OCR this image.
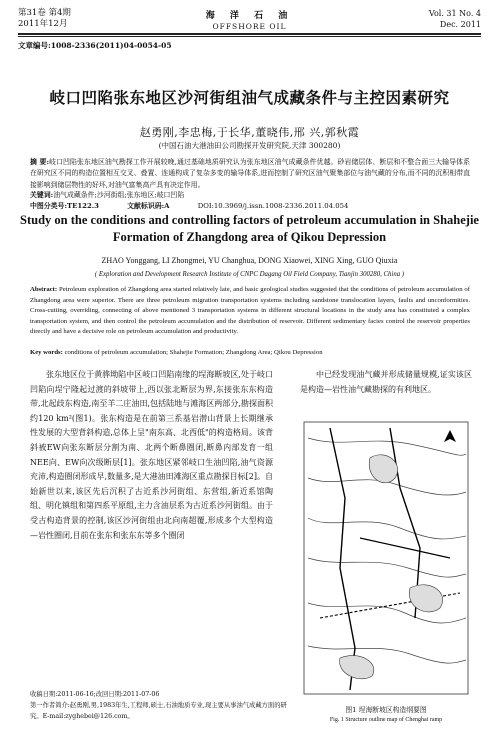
第31卷 第4期
2011年12月
海 洋 石 油
OFFSHORE OIL
Vol. 31 No. 4
Dec. 2011
文章编号:1008-2336(2011)04-0054-05
岐口凹陷张东地区沙河街组油气成藏条件与主控因素研究
赵勇刚,李忠梅,于长华,董晓伟,邢 兴,郭秋霞
(中国石油大港油田公司勘探开发研究院,天津 300280)
摘 要:岐口凹陷张东地区油气勘探工作开展较晚,通过基础地质研究认为张东地区油气成藏条件优越。砂岩储层体、断层和不整合面三大输导体系在研究区不同的构造位置相互交叉、叠置、连通构成了复杂多变的输导体系,进而控制了研究区油气聚集部位与油气藏的分布,而不同的沉积相带直接影响到储层物性的好坏,对油气富集高产具有决定作用。
关键词:油气成藏条件;沙河街组;张东地区;岐口凹陷
中图分类号:TE122.3	文献标识码:A	DOI:10.3969/j.issn.1008-2336.2011.04.054
Study on the conditions and controlling factors of petroleum accumulation in Shahejie Formation of Zhangdong area of Qikou Depression
ZHAO Yonggang, LI Zhongmei, YU Changhua, DONG Xiaowei, XING Xing, GUO Qiuxia
( Exploration and Development Research Institute of CNPC Dagang Oil Field Company, Tianjin 300280, China )
Abstract: Petroleum exploration of Zhangdong area started relatively late, and basic geological studies suggested that the conditions of petroleum accumulation of Zhangdong area were superior. There are three petroleum migration transportation systems including sandstone translocation layers, faults and unconformities. Cross-cutting, overriding, connecting of above mentioned 3 transportation systems in different structural locations in the study area has constituted a complex transportation system, and then control the petroleum accumulation and the distribution of reservoir. Different sedimentary facies control the reservoir properties directly and have a decisive role on petroleum accumulation and productivity.
Key words: conditions of petroleum accumulation; Shahejie Formation; Zhangdong Area; Qikou Depression

张东地区位于黄骅坳陷中区岐口凹陷南缘的埕海断坡区,处于岐口凹陷向埕宁隆起过渡的斜坡带上,西以张北断层为界,东接张东东构造带,北起歧东构造,南至羊二庄油田,包括陆地与滩海区两部分,勘探面积约120 km²(图1)。张东构造是在前第三系基岩潜山背景上长期继承性发展的大型背斜构造,总体上呈"南东高、北西低"的构造格局。该背斜被EW向张东断层分割为南、北两个断鼻圈闭,断鼻内部发育一组NEE向、EW向次级断层[1]。张东地区紧邻岐口生油凹陷,油气资源充沛,构造圈闭形成早,数量多,是大港油田滩海区重点勘探目标[2]。自始新世以来,该区先后沉积了古近系沙河街组、东营组,新近系馆陶组、明化镇组和第四系平原组,主力含油层系为古近系沙河街组。由于受古构造背景的控制,该区沙河街组由北向南超覆,形成多个大型构造—岩性圈闭,目前在张东和张东东等多个圈闭

中已经发现油气藏并形成储量规模,证实该区是构造—岩性油气藏勘探的有利地区。

图1 埕海断坡区构造纲要图
Fig. 1 Structure outline map of Chenghai ramp
收稿日期:2011-06-16;改回日期:2011-07-06
第一作者简介:赵勇刚,男,1983年生,工程师,硕士,石油地质专业,现主要从事油气成藏方面的研究。E-mail:zyghebei@126.com。
